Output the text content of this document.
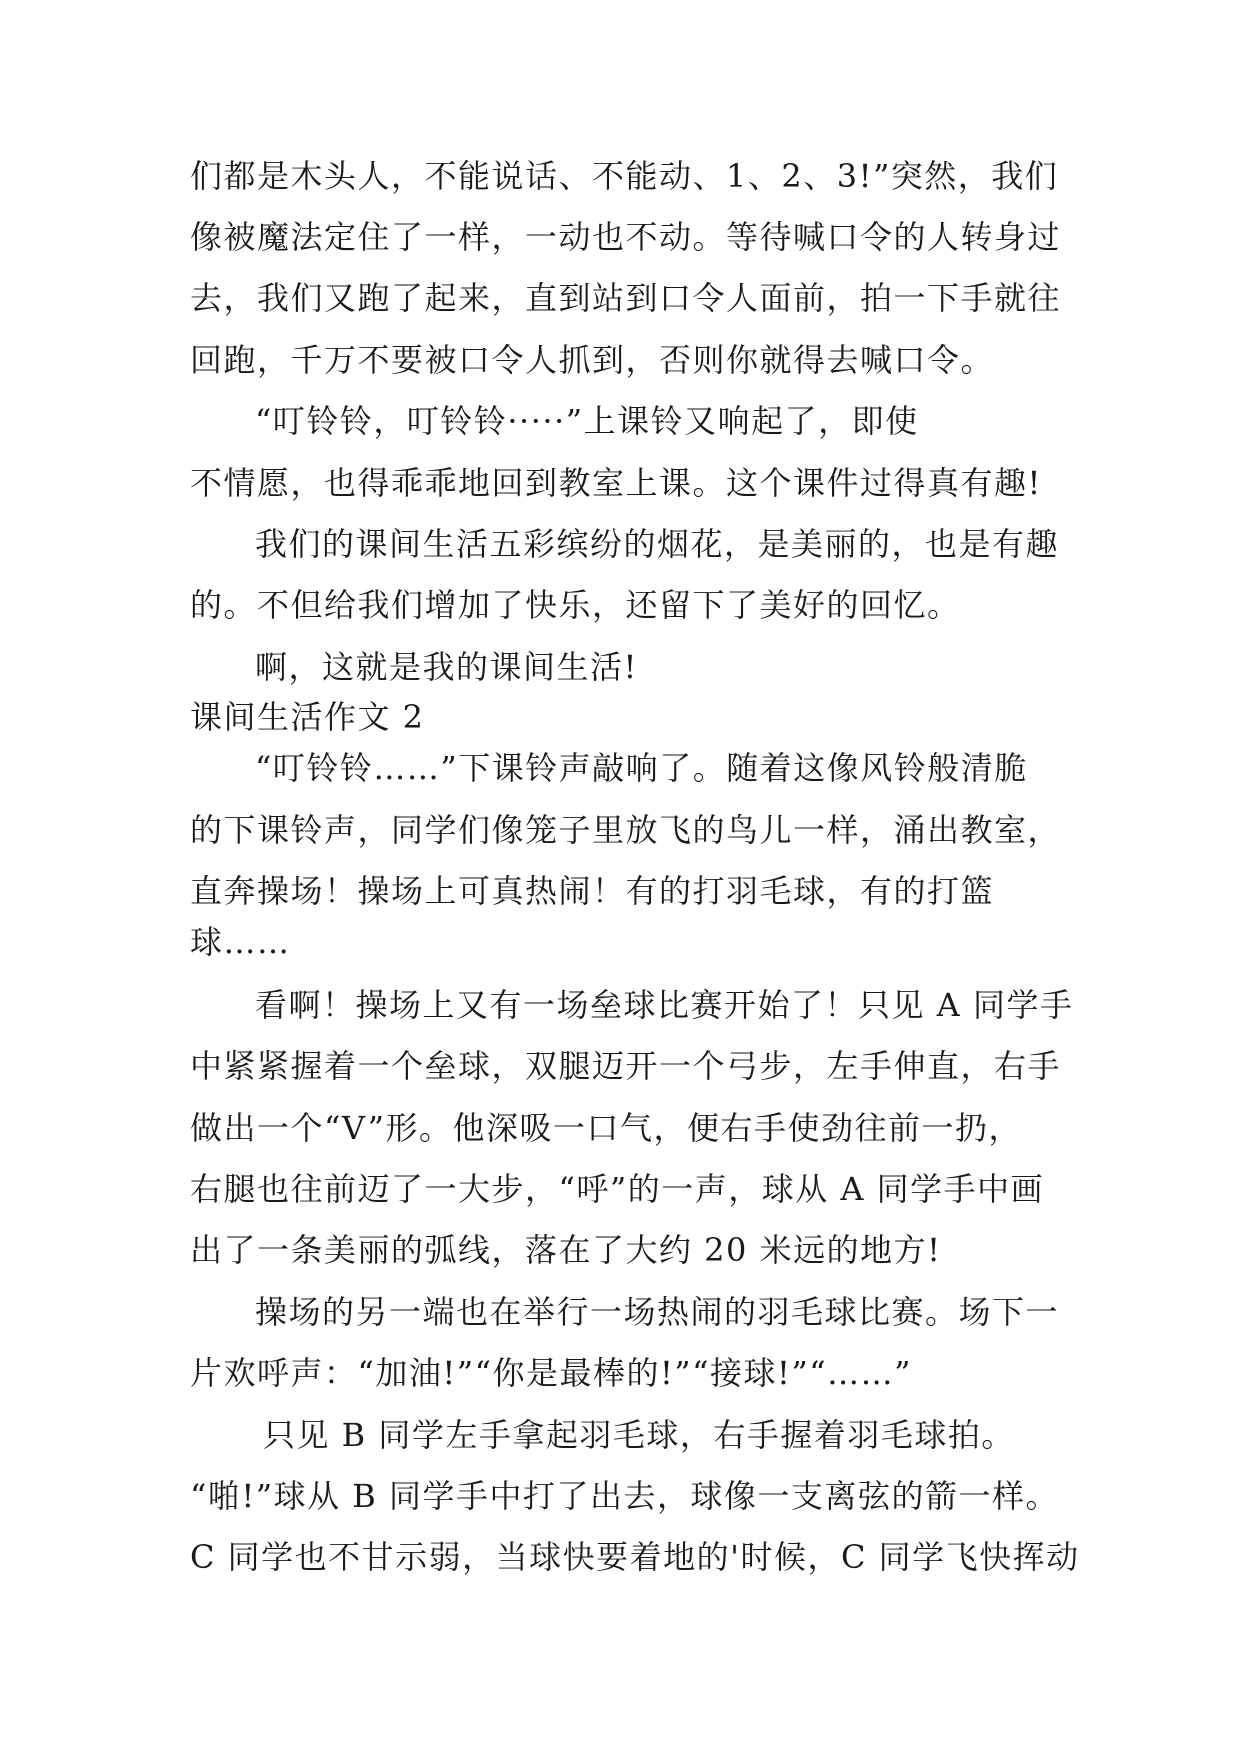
们都是木头人，不能说话、不能动、1、2、3!”突然，我们
像被魔法定住了一样，一动也不动。等待喊口令的人转身过
去，我们又跑了起来，直到站到口令人面前，拍一下手就往
回跑，千万不要被口令人抓到，否则你就得去喊口令。
“叮铃铃，叮铃铃·····”上课铃又响起了，即使
不情愿，也得乖乖地回到教室上课。这个课件过得真有趣!
我们的课间生活五彩缤纷的烟花，是美丽的，也是有趣
的。不但给我们增加了快乐，还留下了美好的回忆。
啊，这就是我的课间生活!
课间生活作文 2
“叮铃铃……”下课铃声敲响了。随着这像风铃般清脆
的下课铃声，同学们像笼子里放飞的鸟儿一样，涌出教室，
直奔操场！操场上可真热闹！有的打羽毛球，有的打篮
球……
看啊！操场上又有一场垒球比赛开始了！只见 A 同学手
中紧紧握着一个垒球，双腿迈开一个弓步，左手伸直，右手
做出一个“V”形。他深吸一口气，便右手使劲往前一扔，
右腿也往前迈了一大步，“呼”的一声，球从 A 同学手中画
出了一条美丽的弧线，落在了大约 20 米远的地方!
操场的另一端也在举行一场热闹的羽毛球比赛。场下一
片欢呼声：“加油!”“你是最棒的!”“接球!”“……”
只见 B 同学左手拿起羽毛球，右手握着羽毛球拍。
“啪!”球从 B 同学手中打了出去，球像一支离弦的箭一样。
C 同学也不甘示弱，当球快要着地的'时候，C 同学飞快挥动
